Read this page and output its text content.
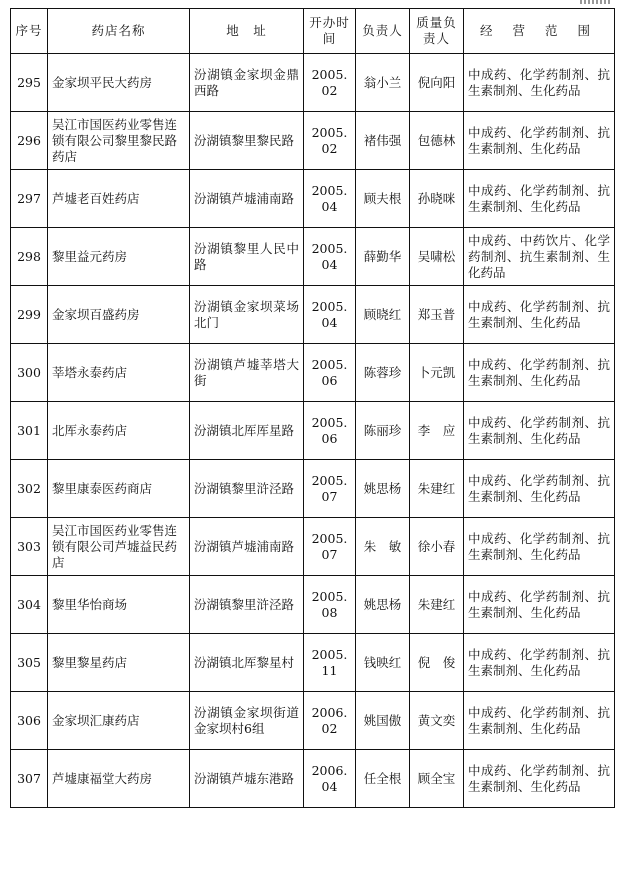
序号	药店名称	地　址	开办时间	负责人	质量负责人	经 营 范 围
295	金家坝平民大药房	汾湖镇金家坝金鼎西路	2005.02	翁小兰	倪向阳	中成药、化学药制剂、抗生素制剂、生化药品
296	吴江市国医药业零售连锁有限公司黎里黎民路药店	汾湖镇黎里黎民路	2005.02	褚伟强	包德林	中成药、化学药制剂、抗生素制剂、生化药品
297	芦墟老百姓药店	汾湖镇芦墟浦南路	2005.04	顾夫根	孙晓咪	中成药、化学药制剂、抗生素制剂、生化药品
298	黎里益元药房	汾湖镇黎里人民中路	2005.04	薛勤华	吴啸松	中成药、中药饮片、化学药制剂、抗生素制剂、生化药品
299	金家坝百盛药房	汾湖镇金家坝菜场北门	2005.04	顾晓红	郑玉普	中成药、化学药制剂、抗生素制剂、生化药品
300	莘塔永泰药店	汾湖镇芦墟莘塔大街	2005.06	陈蓉珍	卜元凯	中成药、化学药制剂、抗生素制剂、生化药品
301	北厍永泰药店	汾湖镇北厍厍星路	2005.06	陈丽珍	李　应	中成药、化学药制剂、抗生素制剂、生化药品
302	黎里康泰医药商店	汾湖镇黎里浒泾路	2005.07	姚思杨	朱建红	中成药、化学药制剂、抗生素制剂、生化药品
303	吴江市国医药业零售连锁有限公司芦墟益民药店	汾湖镇芦墟浦南路	2005.07	朱　敏	徐小春	中成药、化学药制剂、抗生素制剂、生化药品
304	黎里华怡商场	汾湖镇黎里浒泾路	2005.08	姚思杨	朱建红	中成药、化学药制剂、抗生素制剂、生化药品
305	黎里黎星药店	汾湖镇北厍黎星村	2005.11	钱映红	倪　俊	中成药、化学药制剂、抗生素制剂、生化药品
306	金家坝汇康药店	汾湖镇金家坝街道金家坝村6组	2006.02	姚国傲	黄文奕	中成药、化学药制剂、抗生素制剂、生化药品
307	芦墟康福堂大药房	汾湖镇芦墟东港路	2006.04	任全根	顾全宝	中成药、化学药制剂、抗生素制剂、生化药品
